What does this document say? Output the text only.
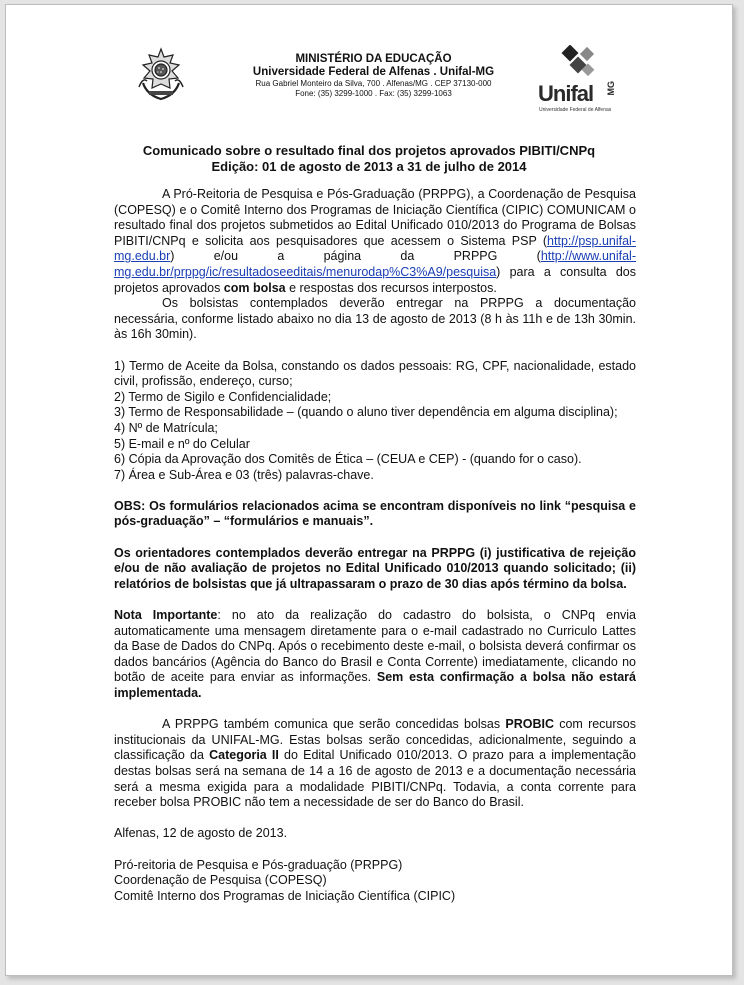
MINISTÉRIO DA EDUCAÇÃO
Universidade Federal de Alfenas . Unifal-MG
Rua Gabriel Monteiro da Silva, 700 . Alfenas/MG . CEP 37130-000
Fone: (35) 3299-1000 . Fax: (35) 3299-1063	Unifal MG
Universidade Federal de Alfenas
Comunicado sobre o resultado final dos projetos aprovados PIBITI/CNPq
Edição: 01 de agosto de 2013 a 31 de julho de 2014

A Pró-Reitoria de Pesquisa e Pós-Graduação (PRPPG), a Coordenação de Pesquisa (COPESQ) e o Comitê Interno dos Programas de Iniciação Científica (CIPIC) COMUNICAM o resultado final dos projetos submetidos ao Edital Unificado 010/2013 do Programa de Bolsas PIBITI/CNPq e solicita aos pesquisadores que acessem o Sistema PSP (http://psp.unifal-mg.edu.br) e/ou a página da PRPPG (http://www.unifal-mg.edu.br/prppg/ic/resultadoseeditais/menurodap%C3%A9/pesquisa) para a consulta dos projetos aprovados com bolsa e respostas dos recursos interpostos.

Os bolsistas contemplados deverão entregar na PRPPG a documentação necessária, conforme listado abaixo no dia 13 de agosto de 2013 (8 h às 11h e de 13h 30min. às 16h 30min).

1) Termo de Aceite da Bolsa, constando os dados pessoais: RG, CPF, nacionalidade, estado civil, profissão, endereço, curso;

2) Termo de Sigilo e Confidencialidade;

3) Termo de Responsabilidade – (quando o aluno tiver dependência em alguma disciplina);

4) Nº de Matrícula;

5) E-mail e nº do Celular

6) Cópia da Aprovação dos Comitês de Ética – (CEUA e CEP) - (quando for o caso).

7) Área e Sub-Área e 03 (três) palavras-chave.

OBS: Os formulários relacionados acima se encontram disponíveis no link “pesquisa e pós-graduação” – “formulários e manuais”.

Os orientadores contemplados deverão entregar na PRPPG (i) justificativa de rejeição e/ou de não avaliação de projetos no Edital Unificado 010/2013 quando solicitado; (ii) relatórios de bolsistas que já ultrapassaram o prazo de 30 dias após término da bolsa.

Nota Importante: no ato da realização do cadastro do bolsista, o CNPq envia automaticamente uma mensagem diretamente para o e-mail cadastrado no Curriculo Lattes da Base de Dados do CNPq. Após o recebimento deste e-mail, o bolsista deverá confirmar os dados bancários (Agência do Banco do Brasil e Conta Corrente) imediatamente, clicando no botão de aceite para enviar as informações. Sem esta confirmação a bolsa não estará implementada.

A PRPPG também comunica que serão concedidas bolsas PROBIC com recursos institucionais da UNIFAL-MG. Estas bolsas serão concedidas, adicionalmente, seguindo a classificação da Categoria II do Edital Unificado 010/2013. O prazo para a implementação destas bolsas será na semana de 14 a 16 de agosto de 2013 e a documentação necessária será a mesma exigida para a modalidade PIBITI/CNPq. Todavia, a conta corrente para receber bolsa PROBIC não tem a necessidade de ser do Banco do Brasil.

Alfenas, 12 de agosto de 2013.

Pró-reitoria de Pesquisa e Pós-graduação (PRPPG)

Coordenação de Pesquisa (COPESQ)

Comitê Interno dos Programas de Iniciação Científica (CIPIC)
